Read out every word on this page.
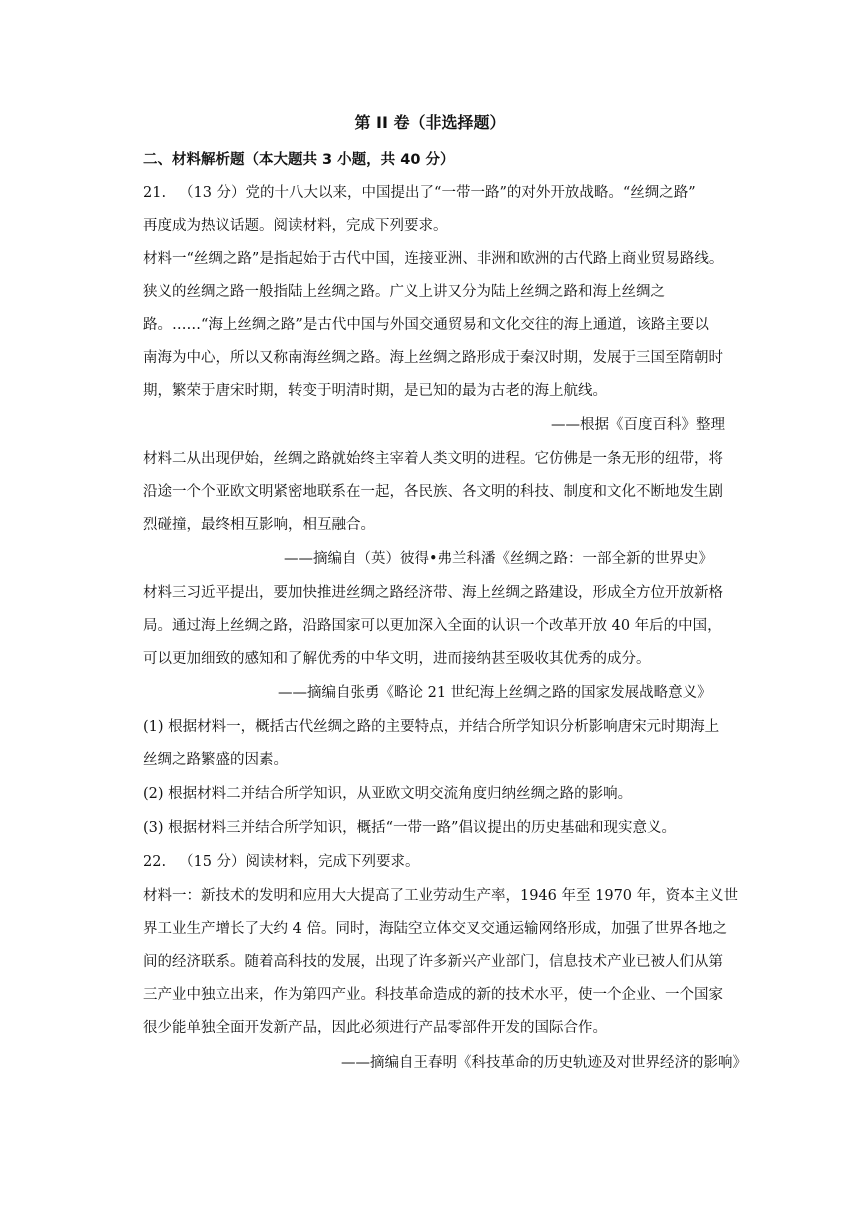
第 II 卷（非选择题）
二、材料解析题（本大题共 3 小题，共 40 分）
21. （13 分）党的十八大以来，中国提出了“一带一路”的对外开放战略。“丝绸之路”
再度成为热议话题。阅读材料，完成下列要求。
材料一“丝绸之路”是指起始于古代中国，连接亚洲、非洲和欧洲的古代路上商业贸易路线。
狭义的丝绸之路一般指陆上丝绸之路。广义上讲又分为陆上丝绸之路和海上丝绸之
路。……“海上丝绸之路”是古代中国与外国交通贸易和文化交往的海上通道，该路主要以
南海为中心，所以又称南海丝绸之路。海上丝绸之路形成于秦汉时期，发展于三国至隋朝时
期，繁荣于唐宋时期，转变于明清时期，是已知的最为古老的海上航线。
——根据《百度百科》整理
材料二从出现伊始，丝绸之路就始终主宰着人类文明的进程。它仿佛是一条无形的纽带，将
沿途一个个亚欧文明紧密地联系在一起，各民族、各文明的科技、制度和文化不断地发生剧
烈碰撞，最终相互影响，相互融合。
——摘编自（英）彼得•弗兰科潘《丝绸之路：一部全新的世界史》
材料三习近平提出，要加快推进丝绸之路经济带、海上丝绸之路建设，形成全方位开放新格
局。通过海上丝绸之路，沿路国家可以更加深入全面的认识一个改革开放 40 年后的中国，
可以更加细致的感知和了解优秀的中华文明，进而接纳甚至吸收其优秀的成分。
——摘编自张勇《略论 21 世纪海上丝绸之路的国家发展战略意义》
(1) 根据材料一，概括古代丝绸之路的主要特点，并结合所学知识分析影响唐宋元时期海上
丝绸之路繁盛的因素。
(2) 根据材料二并结合所学知识，从亚欧文明交流角度归纳丝绸之路的影响。
(3) 根据材料三并结合所学知识，概括“一带一路”倡议提出的历史基础和现实意义。
22. （15 分）阅读材料，完成下列要求。
材料一：新技术的发明和应用大大提高了工业劳动生产率，1946 年至 1970 年，资本主义世
界工业生产增长了大约 4 倍。同时，海陆空立体交叉交通运输网络形成，加强了世界各地之
间的经济联系。随着高科技的发展，出现了许多新兴产业部门，信息技术产业已被人们从第
三产业中独立出来，作为第四产业。科技革命造成的新的技术水平，使一个企业、一个国家
很少能单独全面开发新产品，因此必须进行产品零部件开发的国际合作。
——摘编自王春明《科技革命的历史轨迹及对世界经济的影响》
